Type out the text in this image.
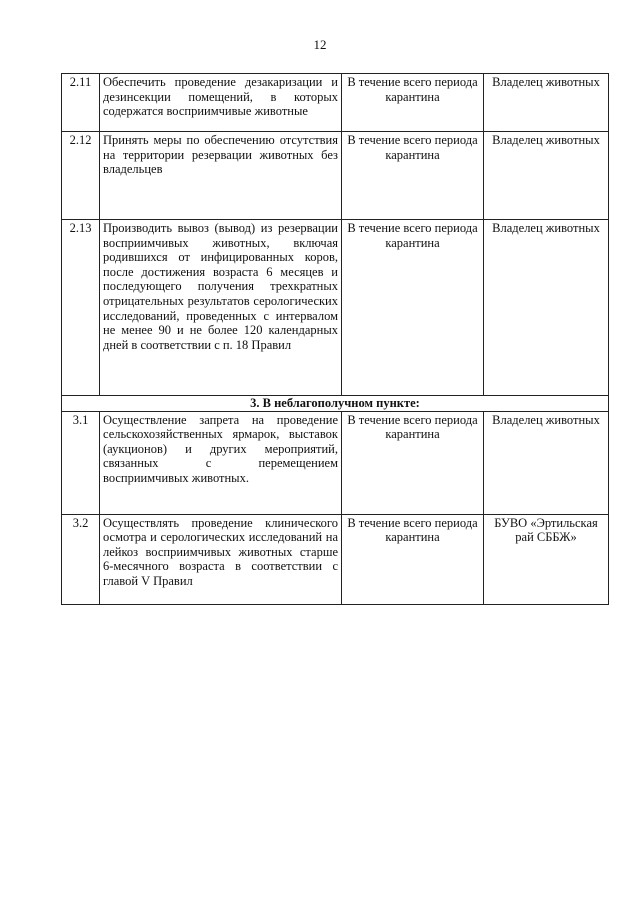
12
2.11	Обеспечить проведение дезакаризации и дезинсекции помещений, в которых содержатся восприимчивые животные	В течение всего периода карантина	Владелец животных
2.12	Принять меры по обеспечению отсутствия на территории резервации животных без владельцев	В течение всего периода карантина	Владелец животных
2.13	Производить вывоз (вывод) из резервации восприимчивых животных, включая родившихся от инфицированных коров, после достижения возраста 6 месяцев и последующего получения трехкратных отрицательных результатов серологических исследований, проведенных с интервалом не менее 90 и не более 120 календарных дней в соответствии с п. 18 Правил	В течение всего периода карантина	Владелец животных
3. В неблагополучном пункте:			
3.1	Осуществление запрета на проведение сельскохозяйственных ярмарок, выставок (аукционов) и других мероприятий, связанных с перемещением восприимчивых животных.	В течение всего периода карантина	Владелец животных
3.2	Осуществлять проведение клинического осмотра и серологических исследований на лейкоз восприимчивых животных старше 6-месячного возраста в соответствии с главой V Правил	В течение всего периода карантина	БУВО «Эртильская рай СББЖ»
